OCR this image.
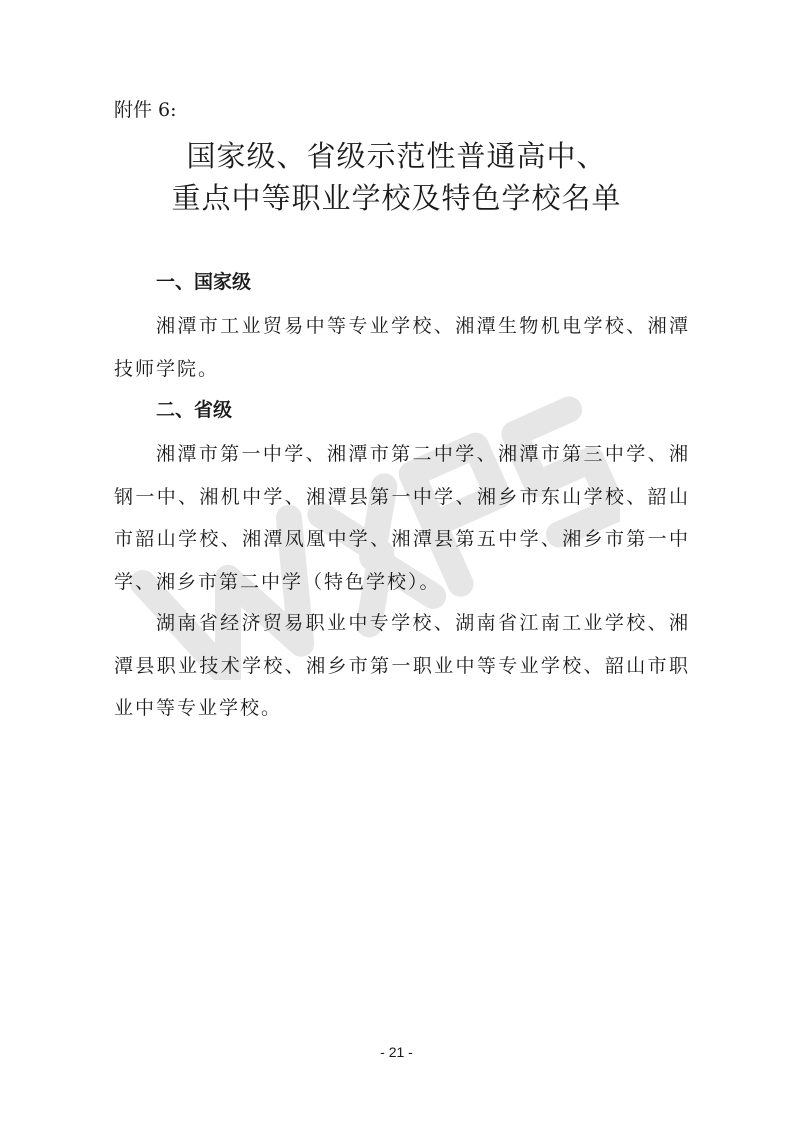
附件 6:
国家级、省级示范性普通高中、
重点中等职业学校及特色学校名单
一、国家级
湘潭市工业贸易中等专业学校、湘潭生物机电学校、湘潭技师学院。
二、省级
湘潭市第一中学、湘潭市第二中学、湘潭市第三中学、湘钢一中、湘机中学、湘潭县第一中学、湘乡市东山学校、韶山市韶山学校、湘潭凤凰中学、湘潭县第五中学、湘乡市第一中学、湘乡市第二中学（特色学校）。
湖南省经济贸易职业中专学校、湖南省江南工业学校、湘潭县职业技术学校、湘乡市第一职业中等专业学校、韶山市职业中等专业学校。
- 21 -
